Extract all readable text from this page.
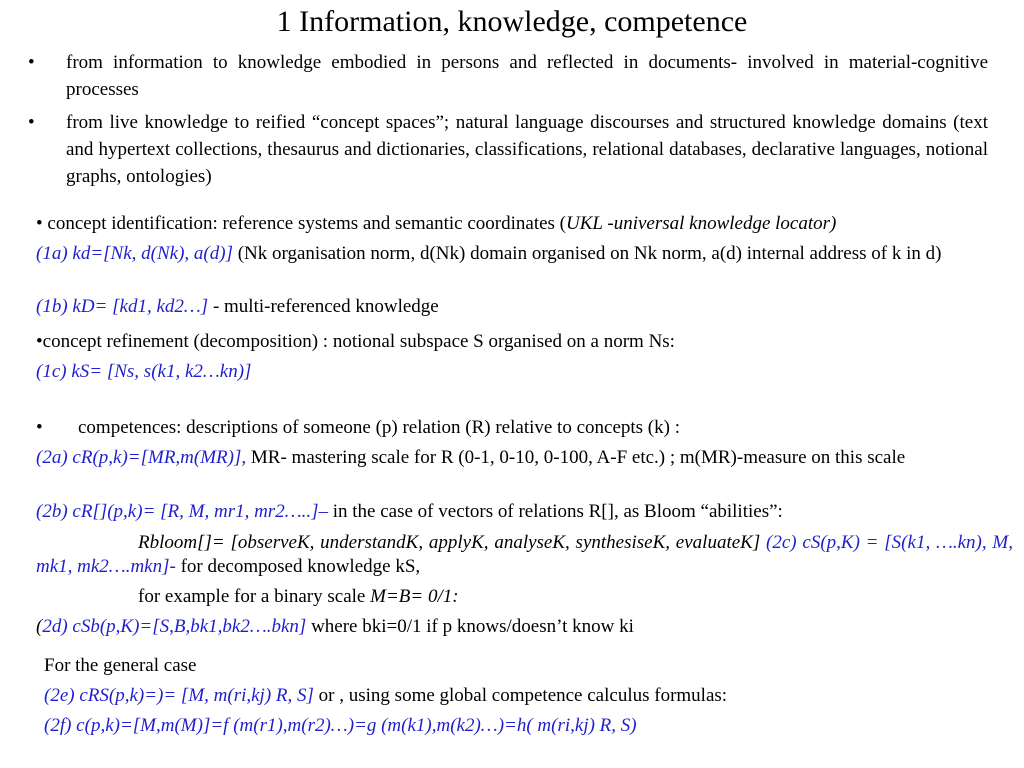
1 Information, knowledge, competence
• from information to knowledge embodied in persons and reflected in documents- involved in material-cognitive processes
• from live knowledge to reified “concept spaces”; natural language discourses and structured knowledge domains (text and hypertext collections, thesaurus and dictionaries, classifications, relational databases, declarative languages, notional graphs, ontologies)
• concept identification: reference systems and semantic coordinates (UKL -universal knowledge locator)
(1a) kd=[Nk, d(Nk), a(d)] (Nk organisation norm, d(Nk) domain organised on Nk norm, a(d) internal address of k in d)
(1b) kD= [kd1, kd2…] - multi-referenced knowledge
•concept refinement (decomposition) : notional subspace S organised on a norm Ns:
(1c) kS= [Ns, s(k1, k2…kn)]
• competences: descriptions of someone (p) relation (R) relative to concepts (k) :
(2a) cR(p,k)=[MR,m(MR)], MR- mastering scale for R (0-1, 0-10, 0-100, A-F etc.) ; m(MR)-measure on this scale
(2b) cR[](p,k)= [R, M, mr1, mr2…..]– in the case of vectors of relations R[], as Bloom “abilities”:
Rbloom[]= [observeK, understandK, applyK, analyseK, synthesiseK, evaluateK] (2c) cS(p,K) = [S(k1, ….kn), M, mk1, mk2….mkn]- for decomposed knowledge kS,
for example for a binary scale M=B= 0/1:
(2d) cSb(p,K)=[S,B,bk1,bk2….bkn] where bki=0/1 if p knows/doesn’t know ki
For the general case
(2e) cRS(p,k)=)= [M, m(ri,kj) R, S] or , using some global competence calculus formulas:
(2f) c(p,k)=[M,m(M)]=f (m(r1),m(r2)…)=g (m(k1),m(k2)…)=h( m(ri,kj) R, S)
